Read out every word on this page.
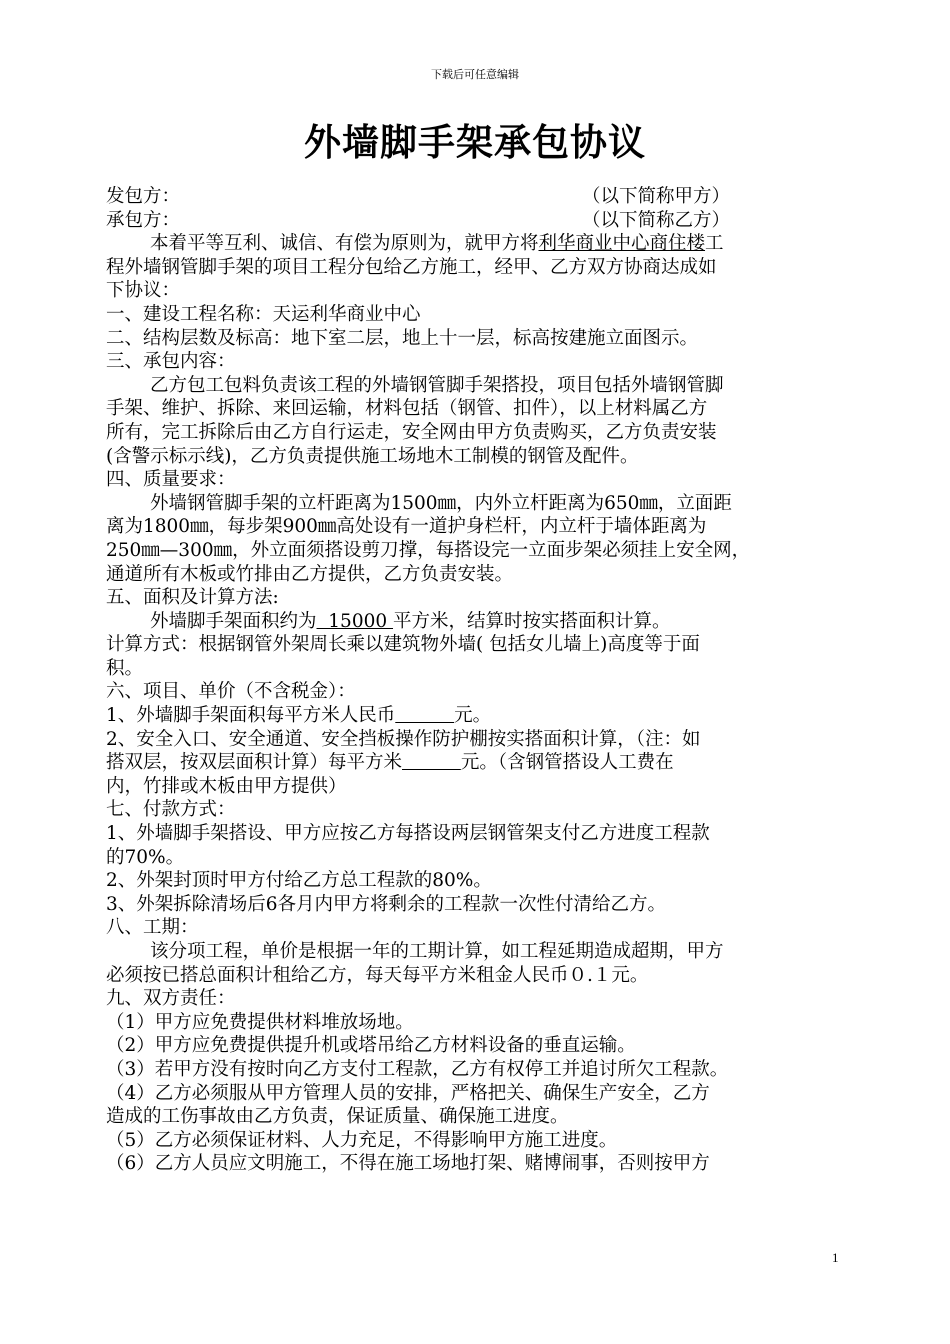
下载后可任意编辑
外墙脚手架承包协议
发包方：	（以下简称甲方）
承包方：	（以下简称乙方）
本着平等互利、诚信、有偿为原则为，就甲方将利华商业中心商住楼工
程外墙钢管脚手架的项目工程分包给乙方施工，经甲、乙方双方协商达成如
下协议：
一、建设工程名称：天运利华商业中心
二、结构层数及标高：地下室二层，地上十一层，标高按建施立面图示。
三、承包内容：
乙方包工包料负责该工程的外墙钢管脚手架搭投，项目包括外墙钢管脚
手架、维护、拆除、来回运输，材料包括（钢管、扣件），以上材料属乙方
所有，完工拆除后由乙方自行运走，安全网由甲方负责购买，乙方负责安装
(含警示标示线)，乙方负责提供施工场地木工制模的钢管及配件。
四、质量要求：
外墙钢管脚手架的立杆距离为1500㎜，内外立杆距离为650㎜，立面距
离为1800㎜，每步架900㎜高处设有一道护身栏杆，内立杆于墙体距离为
250㎜—300㎜，外立面须搭设剪刀撑，每搭设完一立面步架必须挂上安全网，
通道所有木板或竹排由乙方提供，乙方负责安装。
五、面积及计算方法:
外墙脚手架面积约为  15000 平方米，结算时按实搭面积计算。
计算方式：根据钢管外架周长乘以建筑物外墙( 包括女儿墙上)高度等于面
积。
六、项目、单价（不含税金）：
1、外墙脚手架面积每平方米人民币	元。
2、安全入口、安全通道、安全挡板操作防护棚按实搭面积计算，（注：如
搭双层，按双层面积计算）每平方米	元。（含钢管搭设人工费在
内，竹排或木板由甲方提供）
七、付款方式：
1、外墙脚手架搭设、甲方应按乙方每搭设两层钢管架支付乙方进度工程款
的70%。
2、外架封顶时甲方付给乙方总工程款的80%。
3、外架拆除清场后6各月内甲方将剩余的工程款一次性付清给乙方。
八、工期：
该分项工程，单价是根据一年的工期计算，如工程延期造成超期，甲方
必须按已搭总面积计租给乙方，每天每平方米租金人民币０.１元。
九、双方责任：
（1）甲方应免费提供材料堆放场地。
（2）甲方应免费提供提升机或塔吊给乙方材料设备的垂直运输。
（3）若甲方没有按时向乙方支付工程款，乙方有权停工并追讨所欠工程款。
（4）乙方必须服从甲方管理人员的安排，严格把关、确保生产安全，乙方
造成的工伤事故由乙方负责，保证质量、确保施工进度。
（5）乙方必须保证材料、人力充足，不得影响甲方施工进度。
（6）乙方人员应文明施工，不得在施工场地打架、赌博闹事，否则按甲方
1
